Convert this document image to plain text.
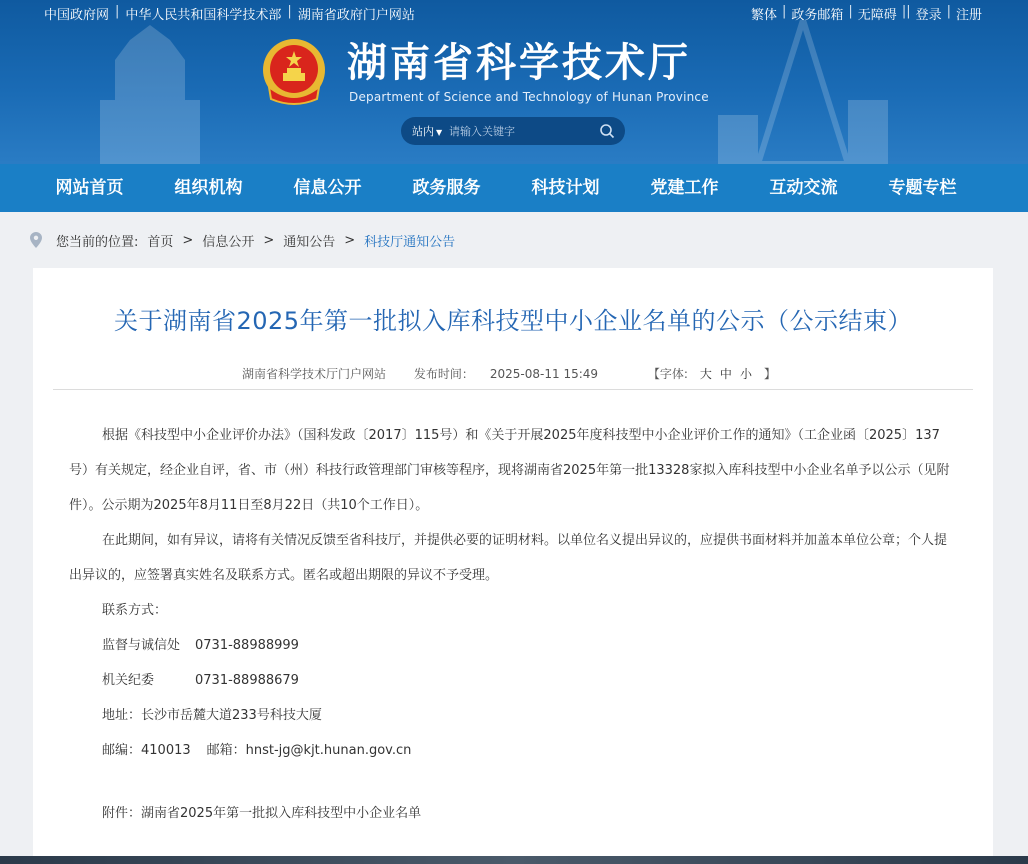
中国政府网 | 中华人民共和国科学技术部 | 湖南省政府门户网站	繁体 | 政务邮箱 | 无障碍 || 登录 | 注册
湖南省科学技术厅
Department of Science and Technology of Hunan Province
站内 ▼
请输入关键字
网站首页	组织机构	信息公开	政务服务	科技计划	党建工作	互动交流	专题专栏
您当前的位置: 首页 > 信息公开 > 通知公告 > 科技厅通知公告
关于湖南省2025年第一批拟入库科技型中小企业名单的公示（公示结束）
湖南省科学技术厅门户网站 发布时间： 2025-08-11 15:49	【字体: 大 中 小 】

根据《科技型中小企业评价办法》（国科发政〔2017〕115号）和《关于开展2025年度科技型中小企业评价工作的通知》（工企业函〔2025〕137号）有关规定，经企业自评，省、市（州）科技行政管理部门审核等程序，现将湖南省2025年第一批13328家拟入库科技型中小企业名单予以公示（见附件）。公示期为2025年8月11日至8月22日（共10个工作日）。

在此期间，如有异议，请将有关情况反馈至省科技厅，并提供必要的证明材料。以单位名义提出异议的，应提供书面材料并加盖本单位公章；个人提出异议的，应签署真实姓名及联系方式。匿名或超出期限的异议不予受理。

联系方式：
监督与诚信处 0731-88988999
机关纪委	0731-88988679
地址：长沙市岳麓大道233号科技大厦
邮编：410013 邮箱：hnst-jg@kjt.hunan.gov.cn
附件：湖南省2025年第一批拟入库科技型中小企业名单
